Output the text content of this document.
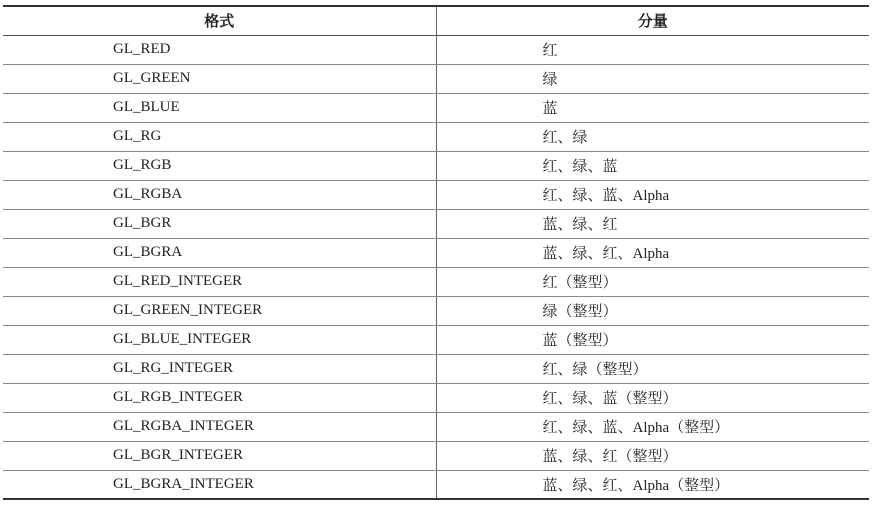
格式	分量
GL_RED	红
GL_GREEN	绿
GL_BLUE	蓝
GL_RG	红、绿
GL_RGB	红、绿、蓝
GL_RGBA	红、绿、蓝、Alpha
GL_BGR	蓝、绿、红
GL_BGRA	蓝、绿、红、Alpha
GL_RED_INTEGER	红（整型）
GL_GREEN_INTEGER	绿（整型）
GL_BLUE_INTEGER	蓝（整型）
GL_RG_INTEGER	红、绿（整型）
GL_RGB_INTEGER	红、绿、蓝（整型）
GL_RGBA_INTEGER	红、绿、蓝、Alpha（整型）
GL_BGR_INTEGER	蓝、绿、红（整型）
GL_BGRA_INTEGER	蓝、绿、红、Alpha（整型）
